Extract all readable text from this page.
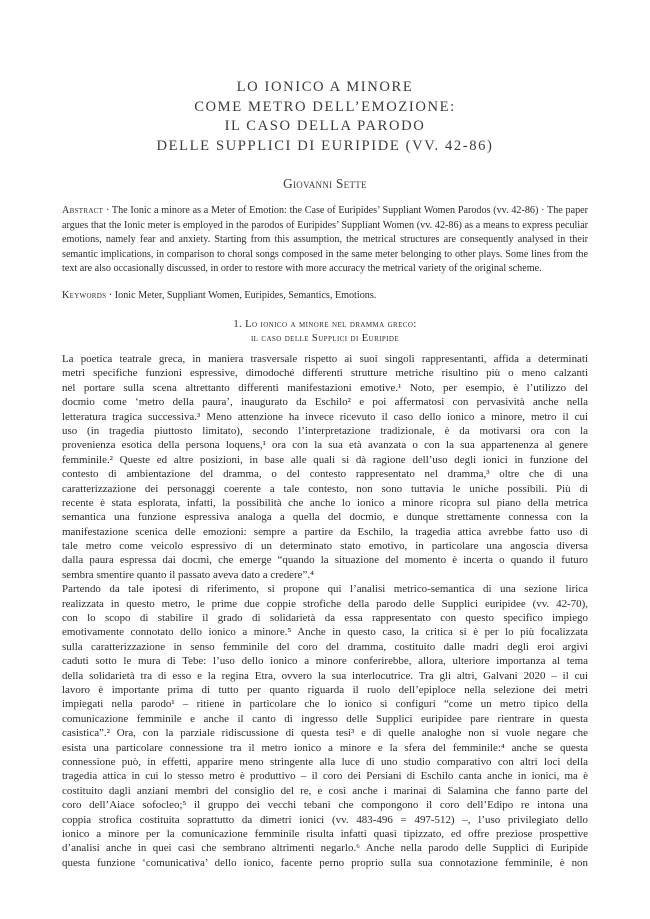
LO IONICO A MINORE
COME METRO DELL’EMOZIONE:
IL CASO DELLA PARODO
DELLE SUPPLICI DI EURIPIDE (VV. 42-86)
Giovanni Sette
Abstract · The Ionic a minore as a Meter of Emotion: the Case of Euripides’ Suppliant Women Parodos (vv. 42-86) · The paper argues that the Ionic meter is employed in the parodos of Euripides’ Suppliant Women (vv. 42-86) as a means to express peculiar emotions, namely fear and anxiety. Starting from this assumption, the metrical structures are consequently analysed in their semantic implications, in comparison to choral songs composed in the same meter belonging to other plays. Some lines from the text are also occasionally discussed, in order to restore with more accuracy the metrical variety of the original scheme.
Keywords · Ionic Meter, Suppliant Women, Euripides, Semantics, Emotions.
1. Lo ionico a minore nel dramma greco:
il caso delle Supplici di Euripide
La poetica teatrale greca, in maniera trasversale rispetto ai suoi singoli rappresentanti, affida a determinati
metri specifiche funzioni espressive, dimodoché differenti strutture metriche risultino più o meno calzanti
nel portare sulla scena altrettanto differenti manifestazioni emotive.¹ Noto, per esempio, è l’utilizzo del
docmio come ‘metro della paura’, inaugurato da Eschilo² e poi affermatosi con pervasività anche nella
letteratura tragica successiva.³ Meno attenzione ha invece ricevuto il caso dello ionico a minore, metro il cui
uso (in tragedia piuttosto limitato), secondo l’interpretazione tradizionale, è da motivarsi ora con la
provenienza esotica della persona loquens,¹ ora con la sua età avanzata o con la sua appartenenza al genere
femminile.² Queste ed altre posizioni, in base alle quali si dà ragione dell’uso degli ionici in funzione del
contesto di ambientazione del dramma, o del contesto rappresentato nel dramma,³ oltre che di una
caratterizzazione dei personaggi coerente a tale contesto, non sono tuttavia le uniche possibili. Più di
recente è stata esplorata, infatti, la possibilità che anche lo ionico a minore ricopra sul piano della metrica
semantica una funzione espressiva analoga a quella del docmio, e dunque strettamente connessa con la
manifestazione scenica delle emozioni: sempre a partire da Eschilo, la tragedia attica avrebbe fatto uso di
tale metro come veicolo espressivo di un determinato stato emotivo, in particolare una angoscia diversa
dalla paura espressa dai docmi, che emerge “quando la situazione del momento è incerta o quando il futuro
sembra smentire quanto il passato aveva dato a credere”.⁴
Partendo da tale ipotesi di riferimento, si propone qui l’analisi metrico-semantica di una sezione lirica
realizzata in questo metro, le prime due coppie strofiche della parodo delle Supplici euripidee (vv. 42-70),
con lo scopo di stabilire il grado di solidarietà da essa rappresentato con questo specifico impiego
emotivamente connotato dello ionico a minore.⁵ Anche in questo caso, la critica si è per lo più focalizzata
sulla caratterizzazione in senso femminile del coro del dramma, costituito dalle madri degli eroi argivi
caduti sotto le mura di Tebe: l’uso dello ionico a minore conferirebbe, allora, ulteriore importanza al tema
della solidarietà tra di esso e la regina Etra, ovvero la sua interlocutrice. Tra gli altri, Galvani 2020 – il cui
lavoro è importante prima di tutto per quanto riguarda il ruolo dell’epiploce nella selezione dei metri
impiegati nella parodo¹ – ritiene in particolare che lo ionico si configuri “come un metro tipico della
comunicazione femminile e anche il canto di ingresso delle Supplici euripidee pare rientrare in questa
casistica”.² Ora, con la parziale ridiscussione di questa tesi³ e di quelle analoghe non si vuole negare che
esista una particolare connessione tra il metro ionico a minore e la sfera del femminile:⁴ anche se questa
connessione può, in effetti, apparire meno stringente alla luce di uno studio comparativo con altri loci della
tragedia attica in cui lo stesso metro è produttivo – il coro dei Persiani di Eschilo canta anche in ionici, ma è
costituito dagli anziani membri del consiglio del re, e così anche i marinai di Salamina che fanno parte del
coro dell’Aiace sofocleo;⁵ il gruppo dei vecchi tebani che compongono il coro dell’Edipo re intona una
coppia strofica costituita soprattutto da dimetri ionici (vv. 483-496 = 497-512) –, l’uso privilegiato dello
ionico a minore per la comunicazione femminile risulta infatti quasi tipizzato, ed offre preziose prospettive
d’analisi anche in quei casi che sembrano altrimenti negarlo.⁶ Anche nella parodo delle Supplici di Euripide
questa funzione ‘comunicativa’ dello ionico, facente perno proprio sulla sua connotazione femminile, è non
